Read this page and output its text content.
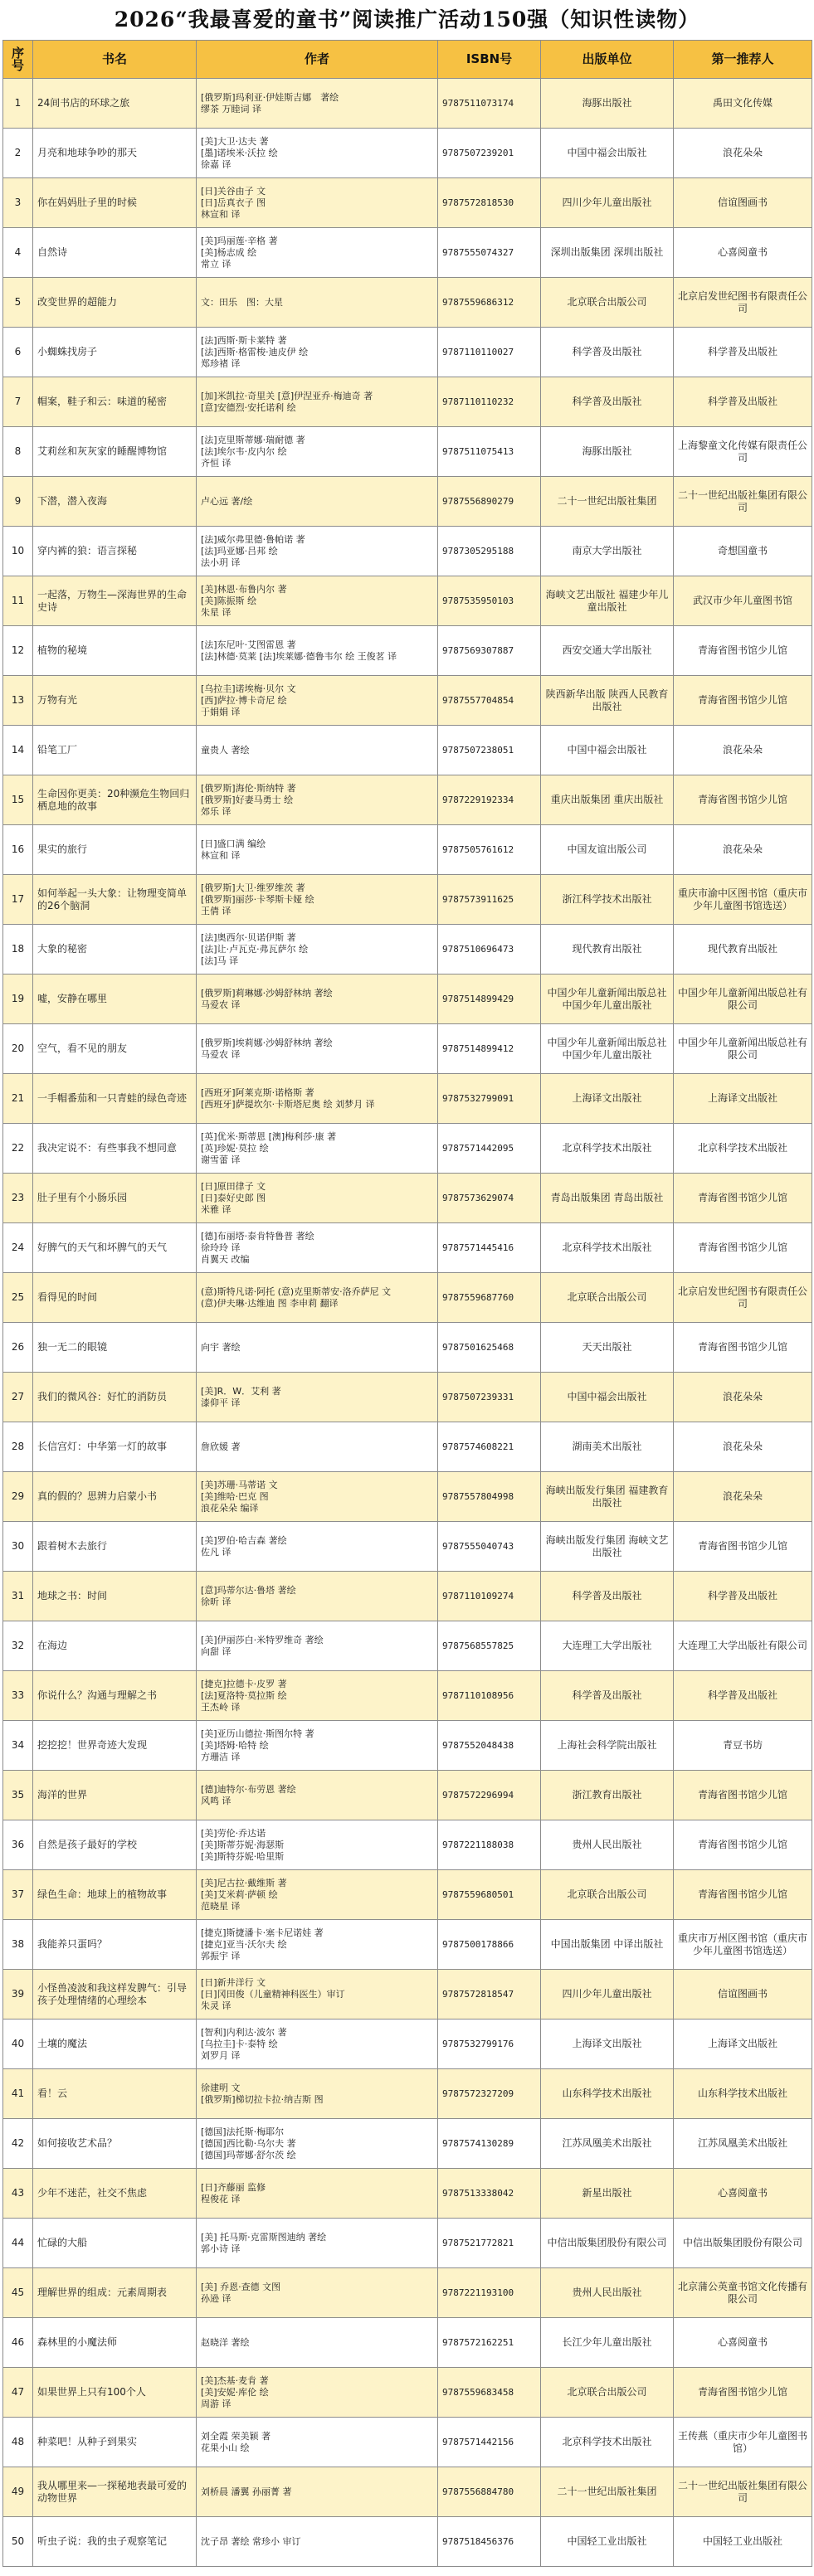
2026“我最喜爱的童书”阅读推广活动150强（知识性读物）
序号	书名	作者	ISBN号	出版单位	第一推荐人
1	24间书店的环球之旅	[俄罗斯]玛利亚·伊娃斯吉娜　著绘
缪茶 万睦词 译	9787511073174	海豚出版社	禹田文化传媒
2	月亮和地球争吵的那天	[美]大卫·达夫 著
[墨]诺埃米·沃拉 绘
徐嘉 译	9787507239201	中国中福会出版社	浪花朵朵
3	你在妈妈肚子里的时候	[日]关谷由子 文
[日]岳真衣子 图
林宣和 译	9787572818530	四川少年儿童出版社	信谊图画书
4	自然诗	[美]玛丽莲·辛格 著
[美]杨志成 绘
常立 译	9787555074327	深圳出版集团 深圳出版社	心喜阅童书
5	改变世界的超能力	文：田乐　图：大星	9787559686312	北京联合出版公司	北京启发世纪图书有限责任公司
6	小蜘蛛找房子	[法]西斯·斯卡莱特 著
[法]西斯·格雷梭·迪皮伊 绘
郑珍褚 译	9787110110027	科学普及出版社	科学普及出版社
7	帽案，鞋子和云：味道的秘密	[加]米凯拉·奇里关 [意]伊涅亚乔·梅迪奇 著
[意]安德烈·安托诺利 绘	9787110110232	科学普及出版社	科学普及出版社
8	艾莉丝和灰灰家的睡醒博物馆	[法]克里斯蒂娜·瑞耐德 著
[法]埃尔韦·皮内尔 绘
齐恒 译	9787511075413	海豚出版社	上海黎童文化传媒有限责任公司
9	下潜，潜入夜海	卢心远 著/绘	9787556890279	二十一世纪出版社集团	二十一世纪出版社集团有限公司
10	穿内裤的狼：语言探秘	[法]威尔弗里德·鲁帕诺 著
[法]玛亚娜·吕邦 绘
法小玥 译	9787305295188	南京大学出版社	奇想国童书
11	一起落，万物生—深海世界的生命史诗	[美]林恩·布鲁内尔 著
[美]陈振斯 绘
朱星 译	9787535950103	海峡文艺出版社 福建少年儿童出版社	武汉市少年儿童图书馆
12	植物的秘境	[法]东尼叶·艾图雷恩 著
[法]林德·莫莱 [法]埃莱娜·德鲁韦尔 绘 王俊茗 译	9787569307887	西安交通大学出版社	青海省图书馆少儿馆
13	万物有光	[乌拉圭]诺埃梅·贝尔 文
[西]萨拉·博卡奇尼 绘
于娟娟 译	9787557704854	陕西新华出版 陕西人民教育出版社	青海省图书馆少儿馆
14	铅笔工厂	童贵人 著绘	9787507238051	中国中福会出版社	浪花朵朵
15	生命因你更美：20种濒危生物回归栖息地的故事	[俄罗斯]海伦·斯纳特 著
[俄罗斯]好妻马勇士 绘
郊乐 译	9787229192334	重庆出版集团 重庆出版社	青海省图书馆少儿馆
16	果实的旅行	[日]盛口满 编绘
林宣和 译	9787505761612	中国友谊出版公司	浪花朵朵
17	如何举起一头大象：让物理变简单的26个脑洞	[俄罗斯]大卫·维罗维茨 著
[俄罗斯]丽莎·卡琴斯卡娅 绘
王倩 译	9787573911625	浙江科学技术出版社	重庆市渝中区图书馆（重庆市少年儿童图书馆选送）
18	大象的秘密	[法]奥西尔·贝诺伊斯 著
[法]让·卢瓦克·弗瓦萨尔 绘
[法]马 译	9787510696473	现代教育出版社	现代教育出版社
19	嘘，安静在哪里	[俄罗斯]莉琳娜·沙姆舒林纳 著绘
马爱农 译	9787514899429	中国少年儿童新闻出版总社 中国少年儿童出版社	中国少年儿童新闻出版总社有限公司
20	空气，看不见的朋友	[俄罗斯]埃莉娜·沙姆舒林纳 著绘
马爱农 译	9787514899412	中国少年儿童新闻出版总社 中国少年儿童出版社	中国少年儿童新闻出版总社有限公司
21	一手帽番茄和一只青蛙的绿色奇迹	[西班牙]阿莱克斯·诺格斯 著
[西班牙]萨提坎尔·卡斯塔尼奥 绘 刘梦月 译	9787532799091	上海译文出版社	上海译文出版社
22	我决定说不：有些事我不想同意	[英]优米·斯蒂恩 [澳]梅利莎·康 著
[英]珍妮·莫拉 绘
谢雪蕾 译	9787571442095	北京科学技术出版社	北京科学技术出版社
23	肚子里有个小肠乐园	[日]原田律子 文
[日]泰好史郎 图
米雅 译	9787573629074	青岛出版集团 青岛出版社	青海省图书馆少儿馆
24	好脾气的天气和坏脾气的天气	[德]布丽塔·泰肯特鲁普 著绘
徐玲玲 译
肖翼天 改编	9787571445416	北京科学技术出版社	青海省图书馆少儿馆
25	看得见的时间	(意)斯特凡诺·阿托 (意)克里斯蒂安·洛乔萨尼 文
(意)伊夫琳·达维迪 图 李申莉 翻译	9787559687760	北京联合出版公司	北京启发世纪图书有限责任公司
26	独一无二的眼镜	向宇 著绘	9787501625468	天天出版社	青海省图书馆少儿馆
27	我们的微风谷：好忙的消防员	[美]R．W．艾利 著
漆仰平 译	9787507239331	中国中福会出版社	浪花朵朵
28	长信宫灯：中华第一灯的故事	詹欣媛 著	9787574608221	湖南美术出版社	浪花朵朵
29	真的假的？思辨力启蒙小书	[美]苏珊·马蒂诺 文
[美]维哈·巴克 图
浪花朵朵 编译	9787557804998	海峡出版发行集团 福建教育出版社	浪花朵朵
30	跟着树木去旅行	[美]罗伯·哈吉森 著绘
佐凡 译	9787555040743	海峡出版发行集团 海峡文艺出版社	青海省图书馆少儿馆
31	地球之书：时间	[意]玛蒂尔达·鲁塔 著绘
徐昕 译	9787110109274	科学普及出版社	科学普及出版社
32	在海边	[美]伊丽莎白·米特罗维奇 著绘
向甜 译	9787568557825	大连理工大学出版社	大连理工大学出版社有限公司
33	你说什么？沟通与理解之书	[捷克]拉德卡·皮罗 著
[法]夏洛特·莫拉斯 绘
王杰岭 译	9787110108956	科学普及出版社	科学普及出版社
34	挖挖挖！世界奇迹大发现	[美]亚历山德拉·斯图尔特 著
[美]塔姆·哈特 绘
方珊洁 译	9787552048438	上海社会科学院出版社	青豆书坊
35	海洋的世界	[德]迪特尔·布劳恩 著绘
风鸣 译	9787572296994	浙江教育出版社	青海省图书馆少儿馆
36	自然是孩子最好的学校	[美]劳伦·乔达诺
[美]斯蒂芬妮·海瑟斯
[美]斯特芬妮·哈里斯	9787221188038	贵州人民出版社	青海省图书馆少儿馆
37	绿色生命：地球上的植物故事	[美]尼古拉·戴维斯 著
[美]艾米莉·萨顿 绘
范晓星 译	9787559680501	北京联合出版公司	青海省图书馆少儿馆
38	我能养只蛋吗？	[捷克]斯捷潘卡·塞卡尼诺娃 著
[捷克]亚当·沃尔夫 绘
郭振宇 译	9787500178866	中国出版集团 中译出版社	重庆市万州区图书馆（重庆市少年儿童图书馆选送）
39	小怪兽凌波和我这样发脾气：引导孩子处理情绪的心理绘本	[日]新井洋行 文
[日]冈田俊（儿童精神科医生）审订
朱灵 译	9787572818547	四川少年儿童出版社	信谊图画书
40	土壤的魔法	[智利]内利达·波尔 著
[乌拉圭]卡·泰特 绘
刘罗月 译	9787532799176	上海译文出版社	上海译文出版社
41	看！云	徐建明 文
[俄罗斯]梯切拉卡拉·纳吉斯 图	9787572327209	山东科学技术出版社	山东科学技术出版社
42	如何接收艺术品？	[德国]法托斯·梅耶尔
[德国]西比勒·乌尔夫 著
[德国]玛蒂娜·舒尔茨 绘	9787574130289	江苏凤凰美术出版社	江苏凤凰美术出版社
43	少年不迷茫，社交不焦虑	[日]齐藤丽 监修
程俊花 译	9787513338042	新星出版社	心喜阅童书
44	忙碌的大船	[美] 托马斯·克雷斯图迪纳 著绘
郭小诗 译	9787521772821	中信出版集团股份有限公司	中信出版集团股份有限公司
45	理解世界的组成：元素周期表	[美] 乔恩·查德 文图
孙逊 译	9787221193100	贵州人民出版社	北京蒲公英童书馆文化传播有限公司
46	森林里的小魔法师	赵晓洋 著绘	9787572162251	长江少年儿童出版社	心喜阅童书
47	如果世界上只有100个人	[美]杰基·麦肯 著
[美]安妮·库伦 绘
周游 译	9787559683458	北京联合出版公司	青海省图书馆少儿馆
48	种菜吧！从种子到果实	刘全霞 荣美颖 著
花果小山 绘	9787571442156	北京科学技术出版社	王传燕（重庆市少年儿童图书馆）
49	我从哪里来—一探秘地表最可爱的动物世界	刘桥晨 潘翼 孙丽菁 著	9787556884780	二十一世纪出版社集团	二十一世纪出版社集团有限公司
50	听虫子说：我的虫子观察笔记	沈子昂 著绘 常珍小 审订	9787518456376	中国轻工业出版社	中国轻工业出版社
